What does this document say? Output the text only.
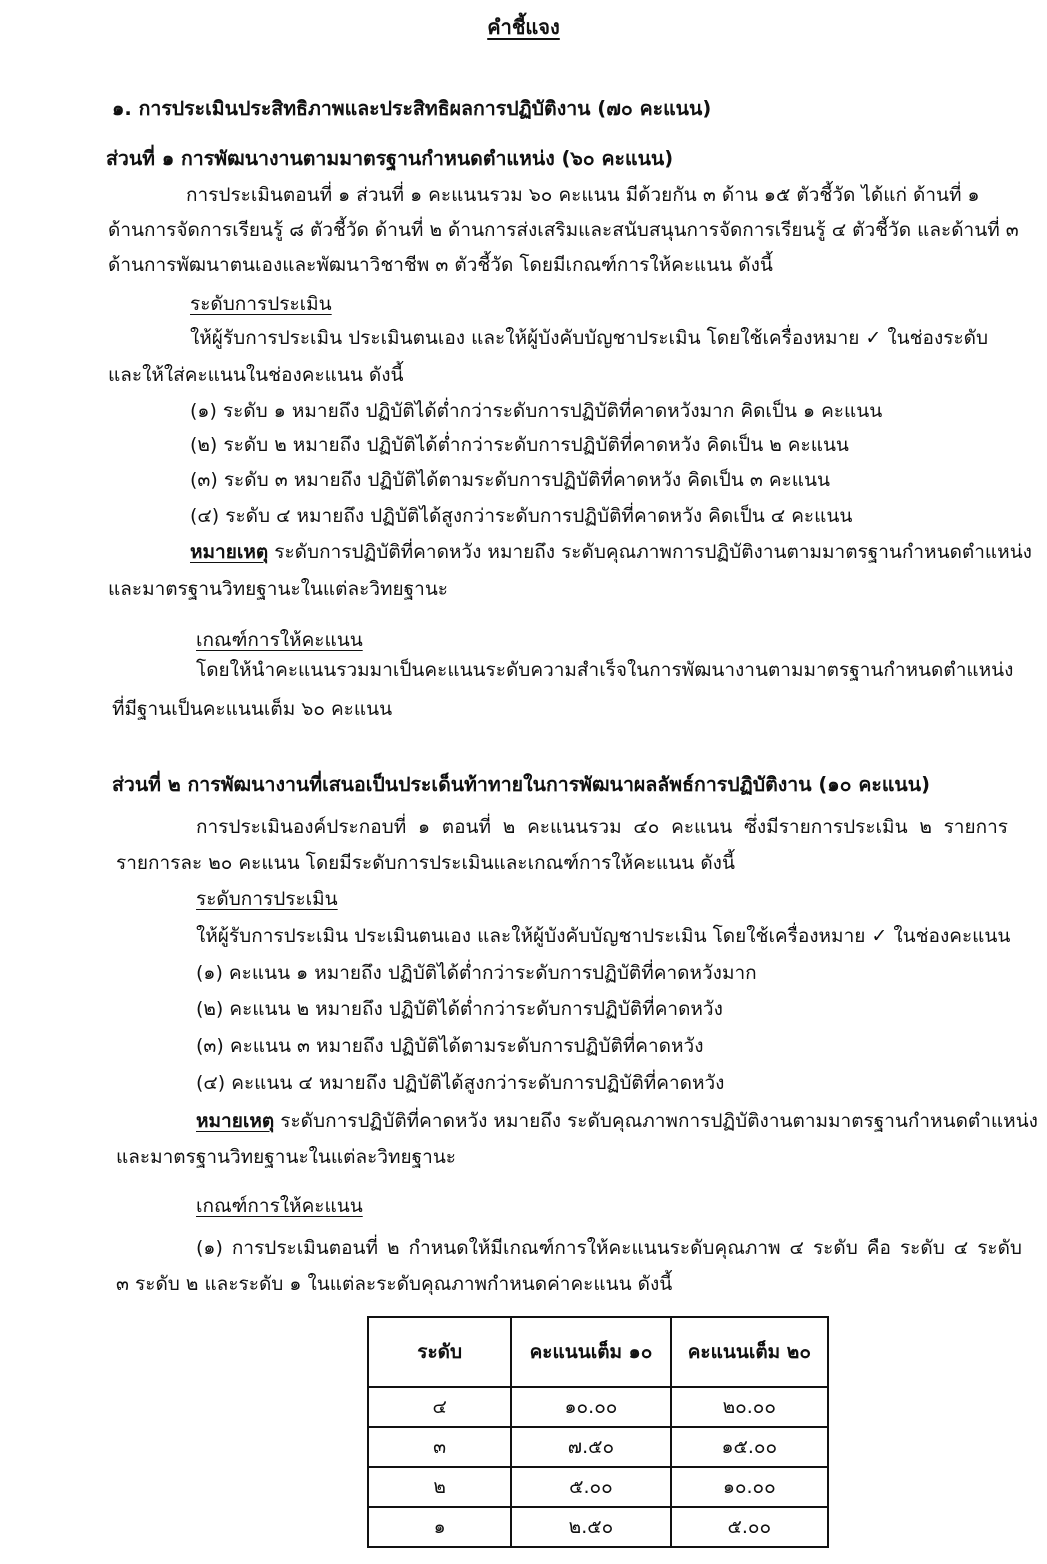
คำชี้แจง
๑. การประเมินประสิทธิภาพและประสิทธิผลการปฏิบัติงาน (๗๐ คะแนน)
ส่วนที่ ๑ การพัฒนางานตามมาตรฐานกำหนดตำแหน่ง (๖๐ คะแนน)
การประเมินตอนที่ ๑ ส่วนที่ ๑ คะแนนรวม ๖๐ คะแนน มีด้วยกัน ๓ ด้าน ๑๕ ตัวชี้วัด ได้แก่ ด้านที่ ๑
ด้านการจัดการเรียนรู้ ๘ ตัวชี้วัด ด้านที่ ๒ ด้านการส่งเสริมและสนับสนุนการจัดการเรียนรู้ ๔ ตัวชี้วัด และด้านที่ ๓
ด้านการพัฒนาตนเองและพัฒนาวิชาชีพ ๓ ตัวชี้วัด โดยมีเกณฑ์การให้คะแนน ดังนี้
ระดับการประเมิน
ให้ผู้รับการประเมิน ประเมินตนเอง และให้ผู้บังคับบัญชาประเมิน โดยใช้เครื่องหมาย ✓ ในช่องระดับ
และให้ใส่คะแนนในช่องคะแนน ดังนี้
(๑) ระดับ ๑ หมายถึง ปฏิบัติได้ต่ำกว่าระดับการปฏิบัติที่คาดหวังมาก คิดเป็น ๑ คะแนน
(๒) ระดับ ๒ หมายถึง ปฏิบัติได้ต่ำกว่าระดับการปฏิบัติที่คาดหวัง คิดเป็น ๒ คะแนน
(๓) ระดับ ๓ หมายถึง ปฏิบัติได้ตามระดับการปฏิบัติที่คาดหวัง คิดเป็น ๓ คะแนน
(๔) ระดับ ๔ หมายถึง ปฏิบัติได้สูงกว่าระดับการปฏิบัติที่คาดหวัง คิดเป็น ๔ คะแนน
หมายเหตุ ระดับการปฏิบัติที่คาดหวัง หมายถึง ระดับคุณภาพการปฏิบัติงานตามมาตรฐานกำหนดตำแหน่ง
และมาตรฐานวิทยฐานะในแต่ละวิทยฐานะ
เกณฑ์การให้คะแนน
โดยให้นำคะแนนรวมมาเป็นคะแนนระดับความสำเร็จในการพัฒนางานตามมาตรฐานกำหนดตำแหน่ง
ที่มีฐานเป็นคะแนนเต็ม ๖๐ คะแนน
ส่วนที่ ๒ การพัฒนางานที่เสนอเป็นประเด็นท้าทายในการพัฒนาผลลัพธ์การปฏิบัติงาน (๑๐ คะแนน)
การประเมินองค์ประกอบที่ ๑ ตอนที่ ๒ คะแนนรวม ๔๐ คะแนน ซึ่งมีรายการประเมิน ๒ รายการ
รายการละ ๒๐ คะแนน โดยมีระดับการประเมินและเกณฑ์การให้คะแนน ดังนี้
ระดับการประเมิน
ให้ผู้รับการประเมิน ประเมินตนเอง และให้ผู้บังคับบัญชาประเมิน โดยใช้เครื่องหมาย ✓ ในช่องคะแนน
(๑) คะแนน ๑ หมายถึง ปฏิบัติได้ต่ำกว่าระดับการปฏิบัติที่คาดหวังมาก
(๒) คะแนน ๒ หมายถึง ปฏิบัติได้ต่ำกว่าระดับการปฏิบัติที่คาดหวัง
(๓) คะแนน ๓ หมายถึง ปฏิบัติได้ตามระดับการปฏิบัติที่คาดหวัง
(๔) คะแนน ๔ หมายถึง ปฏิบัติได้สูงกว่าระดับการปฏิบัติที่คาดหวัง
หมายเหตุ ระดับการปฏิบัติที่คาดหวัง หมายถึง ระดับคุณภาพการปฏิบัติงานตามมาตรฐานกำหนดตำแหน่ง
และมาตรฐานวิทยฐานะในแต่ละวิทยฐานะ
เกณฑ์การให้คะแนน
(๑) การประเมินตอนที่ ๒ กำหนดให้มีเกณฑ์การให้คะแนนระดับคุณภาพ ๔ ระดับ คือ ระดับ ๔ ระดับ
๓ ระดับ ๒ และระดับ ๑ ในแต่ละระดับคุณภาพกำหนดค่าคะแนน ดังนี้
ระดับ	คะแนนเต็ม ๑๐	คะแนนเต็ม ๒๐
๔	๑๐.๐๐	๒๐.๐๐
๓	๗.๕๐	๑๕.๐๐
๒	๕.๐๐	๑๐.๐๐
๑	๒.๕๐	๕.๐๐
